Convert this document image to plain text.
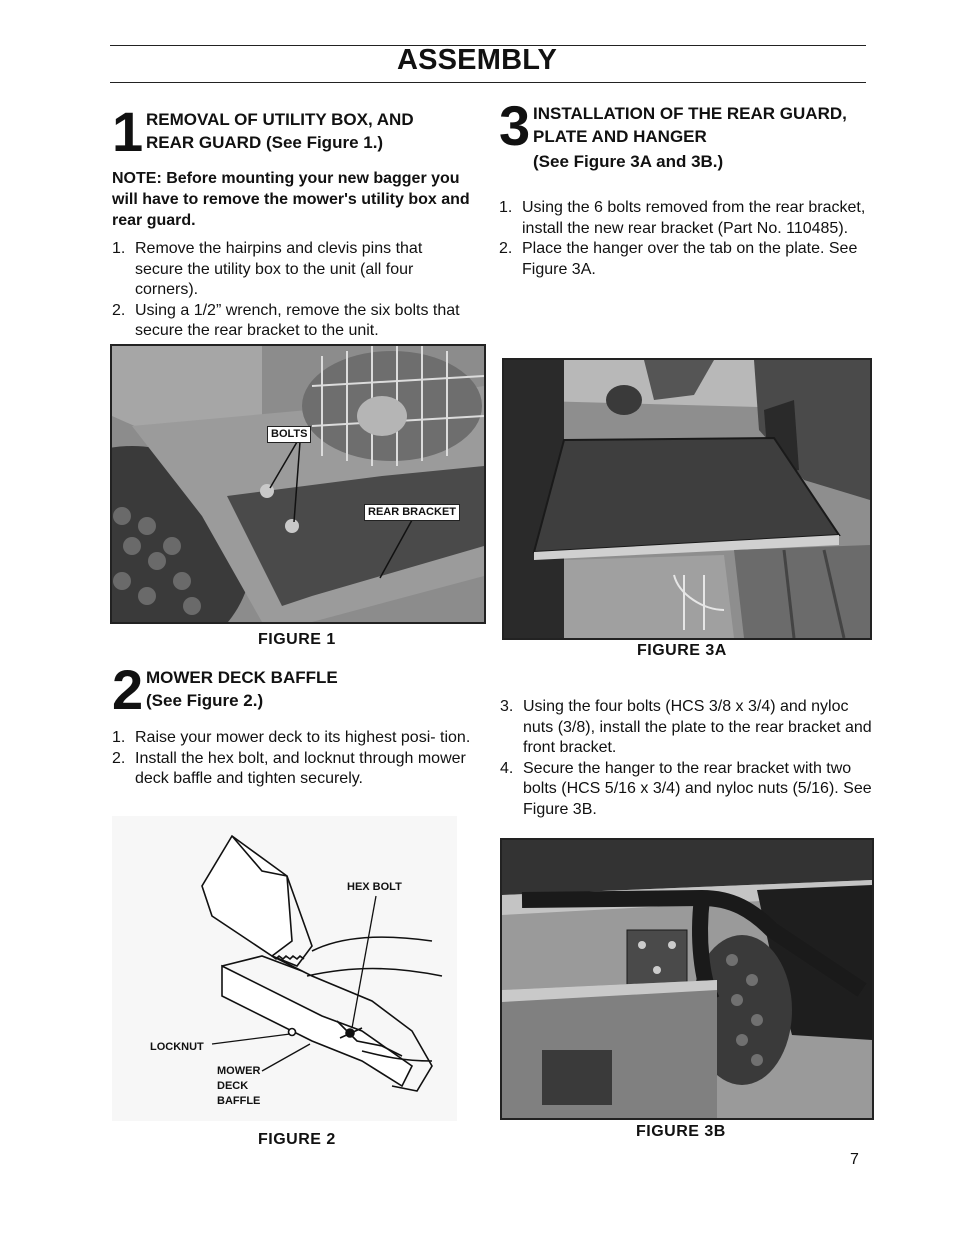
ASSEMBLY
1 REMOVAL OF UTILITY BOX, AND
REAR GUARD (See Figure 1.)

NOTE: Before mounting your new bagger you will have to remove the mower's utility box and rear guard.

1. Remove the hairpins and clevis pins that secure the utility box to the unit (all four corners).
2. Using a 1/2” wrench, remove the six bolts that secure the rear bracket to the unit.
BOLTS
REAR BRACKET
FIGURE 1
2 MOWER DECK BAFFLE
(See Figure 2.)
1. Raise your mower deck to its highest posi- tion.
2. Install the hex bolt, and locknut through mower deck baffle and tighten securely.
HEX BOLT
LOCKNUT
MOWER
DECK
BAFFLE
FIGURE 2
3 INSTALLATION OF THE REAR GUARD,
PLATE AND HANGER
(See Figure 3A and 3B.)
1. Using the 6 bolts removed from the rear bracket, install the new rear bracket (Part No. 110485).
2. Place the hanger over the tab on the plate. See Figure 3A.
FIGURE 3A
3. Using the four bolts (HCS 3/8 x 3/4) and nyloc nuts (3/8), install the plate to the rear bracket and front bracket.
4. Secure the hanger to the rear bracket with two bolts (HCS 5/16 x 3/4) and nyloc nuts (5/16). See Figure 3B.
FIGURE 3B
7
